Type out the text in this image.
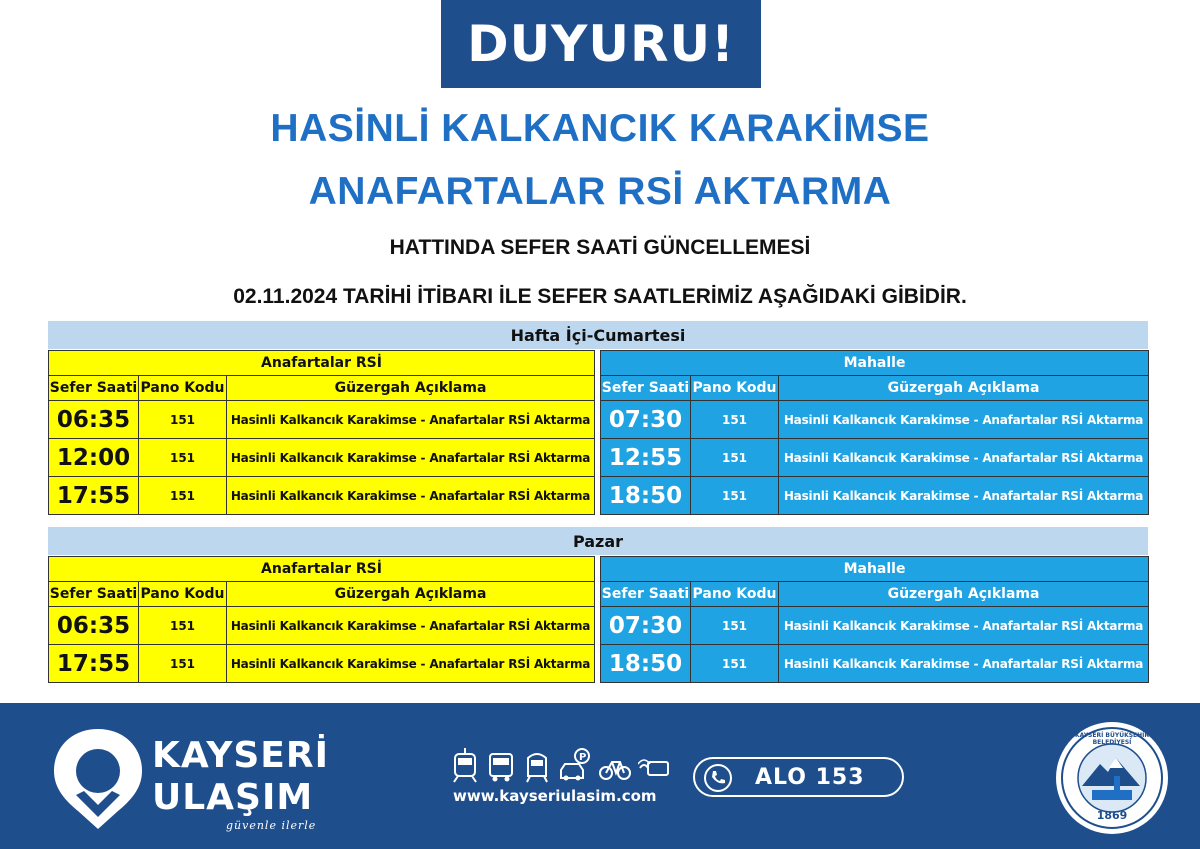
DUYURU!
HASİNLİ KALKANCIK KARAKİMSE
ANAFARTALAR RSİ AKTARMA
HATTINDA SEFER SAATİ GÜNCELLEMESİ
02.11.2024 TARİHİ İTİBARI İLE SEFER SAATLERİMİZ AŞAĞIDAKİ GİBİDİR.
Hafta İçi-Cumartesi
Anafartalar RSİ		
Sefer Saati	Pano Kodu	Güzergah Açıklama
06:35	151	Hasinli Kalkancık Karakimse - Anafartalar RSİ Aktarma
12:00	151	Hasinli Kalkancık Karakimse - Anafartalar RSİ Aktarma
17:55	151	Hasinli Kalkancık Karakimse - Anafartalar RSİ Aktarma
Mahalle		
Sefer Saati	Pano Kodu	Güzergah Açıklama
07:30	151	Hasinli Kalkancık Karakimse - Anafartalar RSİ Aktarma
12:55	151	Hasinli Kalkancık Karakimse - Anafartalar RSİ Aktarma
18:50	151	Hasinli Kalkancık Karakimse - Anafartalar RSİ Aktarma
Pazar
Anafartalar RSİ		
Sefer Saati	Pano Kodu	Güzergah Açıklama
06:35	151	Hasinli Kalkancık Karakimse - Anafartalar RSİ Aktarma
17:55	151	Hasinli Kalkancık Karakimse - Anafartalar RSİ Aktarma
Mahalle		
Sefer Saati	Pano Kodu	Güzergah Açıklama
07:30	151	Hasinli Kalkancık Karakimse - Anafartalar RSİ Aktarma
18:50	151	Hasinli Kalkancık Karakimse - Anafartalar RSİ Aktarma
KAYSERİ
ULAŞIM
güvenle ilerle
P
www.kayseriulasim.com
ALO 153
1869
KAYSERİ BÜYÜKŞEHİR BELEDİYESİ
